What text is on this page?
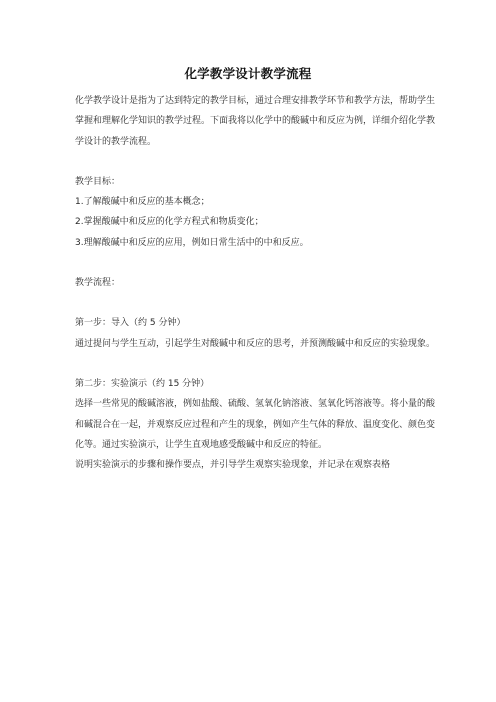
化学教学设计教学流程

化学教学设计是指为了达到特定的教学目标，通过合理安排教学环节和教学方法，帮助学生掌握和理解化学知识的教学过程。下面我将以化学中的酸碱中和反应为例，详细介绍化学教学设计的教学流程。

教学目标：

1.了解酸碱中和反应的基本概念；

2.掌握酸碱中和反应的化学方程式和物质变化；

3.理解酸碱中和反应的应用，例如日常生活中的中和反应。

教学流程：

第一步：导入（约 5 分钟）

通过提问与学生互动，引起学生对酸碱中和反应的思考，并预测酸碱中和反应的实验现象。

第二步：实验演示（约 15 分钟）

选择一些常见的酸碱溶液，例如盐酸、硫酸、氢氧化钠溶液、氢氧化钙溶液等。将小量的酸和碱混合在一起，并观察反应过程和产生的现象，例如产生气体的释放、温度变化、颜色变化等。通过实验演示，让学生直观地感受酸碱中和反应的特征。

说明实验演示的步骤和操作要点，并引导学生观察实验现象，并记录在观察表格
